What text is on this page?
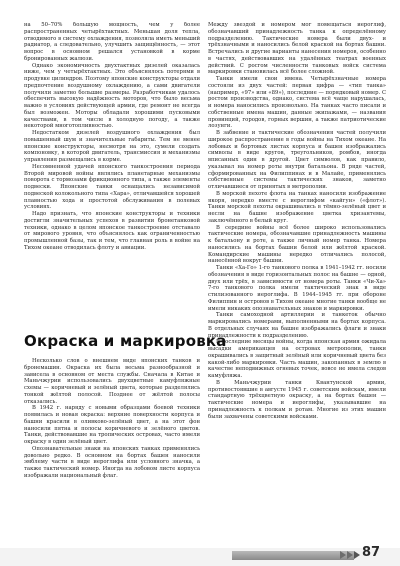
на 50–70% большую мощность, чем у более распространенных четырёхтактных. Меньшая доля тепла, отводимого в систему охлаждения, позволяла иметь меньший радиатор, а следовательно, улучшить защищённость, — этот вопрос в основном решался установкой в корме бронированных жалюзи.

Однако экономичность двухтактных дизелей оказалась ниже, чем у четырёхтактных. Это объяснялось потерями в продувке цилиндров. Поэтому японские конструкторы отдали предпочтение воздушному охлаждению, а сами двигатели получили заметно большие размеры. Разработчикам удалось обеспечить высокую надёжность моторов, что было весьма важно в условиях действующей армии, где ремонт не всегда был возможен. Моторы обладали хорошими пусковыми качествами, в том числе в холодную погоду, а также некоторой многотопливностью.

Недостатком дизелей воздушного охлаждения был повышенный шум и значительные габариты. Тем не менее японские конструкторы, несмотря на это, сумели создать компоновку, в которой двигатель, трансмиссия и механизмы управления размещались в корме.

Несомненной удачей японского танкостроения периода Второй мировой войны являлись планетарные механизмы поворота с тормозами фрикционного типа, а также элементы подвески. Японские танки оснащались независимой подвеской колокольного типа «Хара», отличавшейся хорошей плавностью хода и простотой обслуживания в полевых условиях.

Надо признать, что японские конструкторы и техники достигли значительных успехов в развитии бронетанковой техники, однако в целом японское танкостроение отставало от мирового уровня, что объяснялось как ограниченностью промышленной базы, так и тем, что главная роль в войне на Тихом океане отводилась флоту и авиации.

Окраска и маркировка

Несколько слов о внешнем виде японских танков и бронемашин. Окраска их была весьма разнообразной и зависела в основном от места службы. Сначала в Китае и Маньчжурии использовались двухцветные камуфляжные схемы — коричневый и зелёный цвета, которые разделялись тонкой жёлтой полосой. Позднее от жёлтой полосы отказались.

В 1942 г. наряду с новыми образцами боевой техники появилась и новая окраска: верхние поверхности корпуса и башни красили в оливково-зелёный цвет, а на этот фон наносили пятна и полосы коричневого и зелёного цветов. Танки, действовавшие на тропических островах, часто имели окраску в один зелёный цвет.

Опознавательные знаки на японских танках применялись довольно редко. В основном на бортах башен наносили эмблему части в виде иероглифа или условного значка, а также тактический номер. Иногда на лобовом листе корпуса изображали национальный флаг.

Между звездой и номером мог помещаться иероглиф, обозначавший принадлежность танка к определённому подразделению. Тактические номера были двух- и трёхзначными и наносились белой краской на бортах башни. Встречались и другие варианты нанесения номеров, особенно в частях, действовавших на удалённых театрах военных действий. С росгом численности танковых войск система маркировки становилась всё более сложной.

Танки имели свои имена. Четырёхзначные номера состояли из двух частей: первая цифра — «тип танка» (например, «97» или «89»), последние — порядковый номер. С ростом производства, однако, система всё чаще нарушалась, и номера наносились произвольно. На танках часто писали и собственные имена машин, данные экипажами, — названия провинций, городов, горных вершин, а также патриотические лозунги.

В забвение и тактические обозначения частей получили широкое распространение в годы войны на Тихом океане. На лобовых и бортовых листах корпуса и башен изображались символы в виде кругов, треугольников, ромбов, иногда вписанных один в другой. Цвет символов, как правило, указывал на номер роты внутри батальона. В ряде частей, сформированных на Филиппинах и в Малайе, применялись собственные системы тактических знаков, заметно отличавшиеся от принятых в метрополии.

В морской пехоте флота на танках наносили изображение якоря, нередко вместе с иероглифом «кайгун» («флот»). Танки морской пехоты окрашивались в тёмно-зелёный цвет и несли на башне изображение цветка хризантемы, заключённого в белый круг.

В середине войны всё более широко использовались тактические номера, обозначавшие принадлежность машины к батальону и роте, а также личный номер танка. Номера наносились на бортах башни белой или жёлтой краской. Командирские машины нередко отличались полосой, нанесённой вокруг башни.

Танки «Ха-Го» 1-го танкового полка в 1941–1942 гг. носили обозначения в виде горизонтальных полос на башне — одной, двух или трёх, в зависимости от номера роты. Танки «Чи-Ха» 7-го танкового полка имели тактический знак в виде стилизованного иероглифа. В 1944–1945 гг. при обороне Филиппин и островов в Тихом океане многие танки вообще не имели никаких опознавательных знаков и маркировки.

Танки самоходной артиллерии и танкеток обычно маркировались номерами, выполненными на бортах корпуса. В отдельных случаях на башне изображались флаги и знаки принадлежности к подразделению.

В последние месяцы войны, когда японская армия ожидала высадки американцев на островах метрополии, танки окрашивались в защитный зелёный или коричневый цвета без какой-либо маркировки. Часть машин, закопанных в землю в качестве неподвижных огневых точек, вовсе не имела следов камуфляжа.

В Маньчжурии танки Квантунской армии, противостоявшие в августе 1945 г. советским войскам, имели стандартную трёхцветную окраску, а на бортах башен — тактические номера и иероглифы, указывавшие на принадлежность к полкам и ротам. Многие из этих машин были захвачены советскими войсками.

87
